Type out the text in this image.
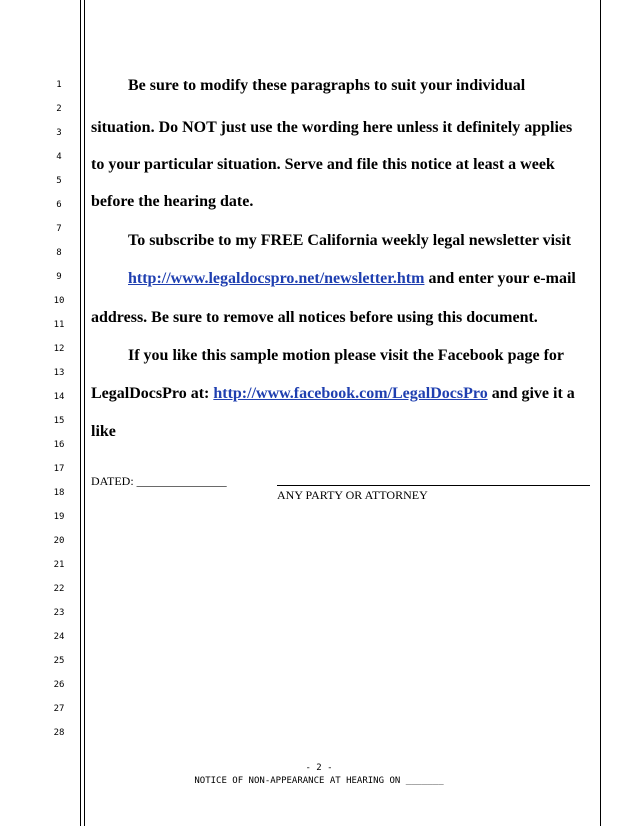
1
2
3
4
5
6
7
8
9
10
11
12
13
14
15
16
17
18
19
20
21
22
23
24
25
26
27
28
Be sure to modify these paragraphs to suit your individual
situation. Do NOT just use the wording here unless it definitely applies
to your particular situation. Serve and file this notice at least a week
before the hearing date.
To subscribe to my FREE California weekly legal newsletter visit
http://www.legaldocspro.net/newsletter.htm and enter your e-mail
address. Be sure to remove all notices before using this document.
If you like this sample motion please visit the Facebook page for
LegalDocsPro at: http://www.facebook.com/LegalDocsPro and give it a
like
DATED: _______________
ANY PARTY OR ATTORNEY
- 2 -
NOTICE OF NON-APPEARANCE AT HEARING ON _______
